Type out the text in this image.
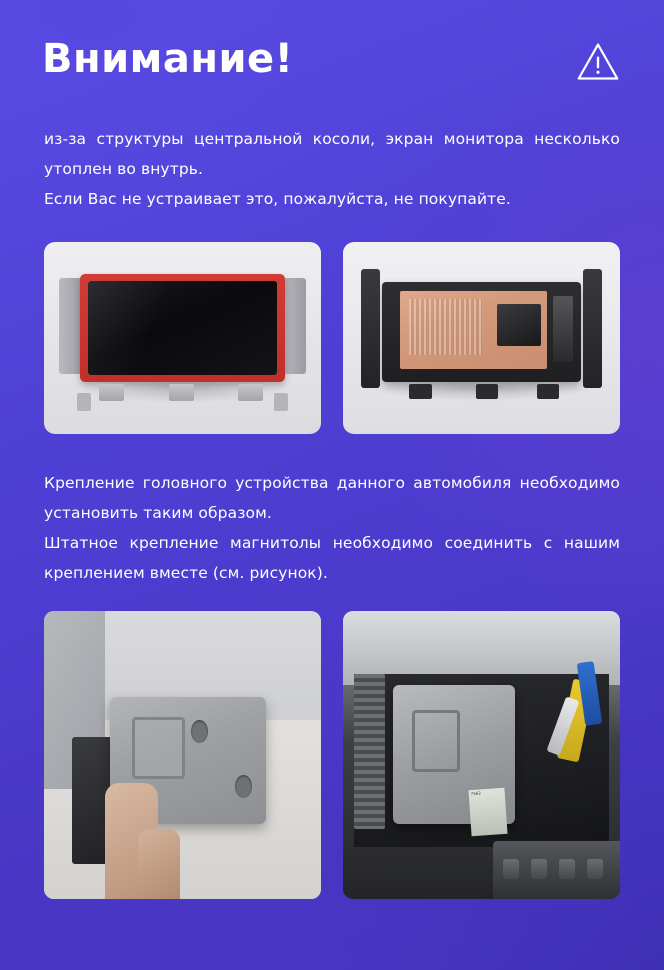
Внимание!

из-за структуры центральной косоли, экран монитора несколько утоплен во внутрь.

Если Вас не устраивает это, пожалуйста, не покупайте.

Крепление головного устройства данного автомобиля необходимо установить таким образом.

Штатное крепление магнитолы необходимо соединить с нашим креплением вместе (см. рисунок).

7562
